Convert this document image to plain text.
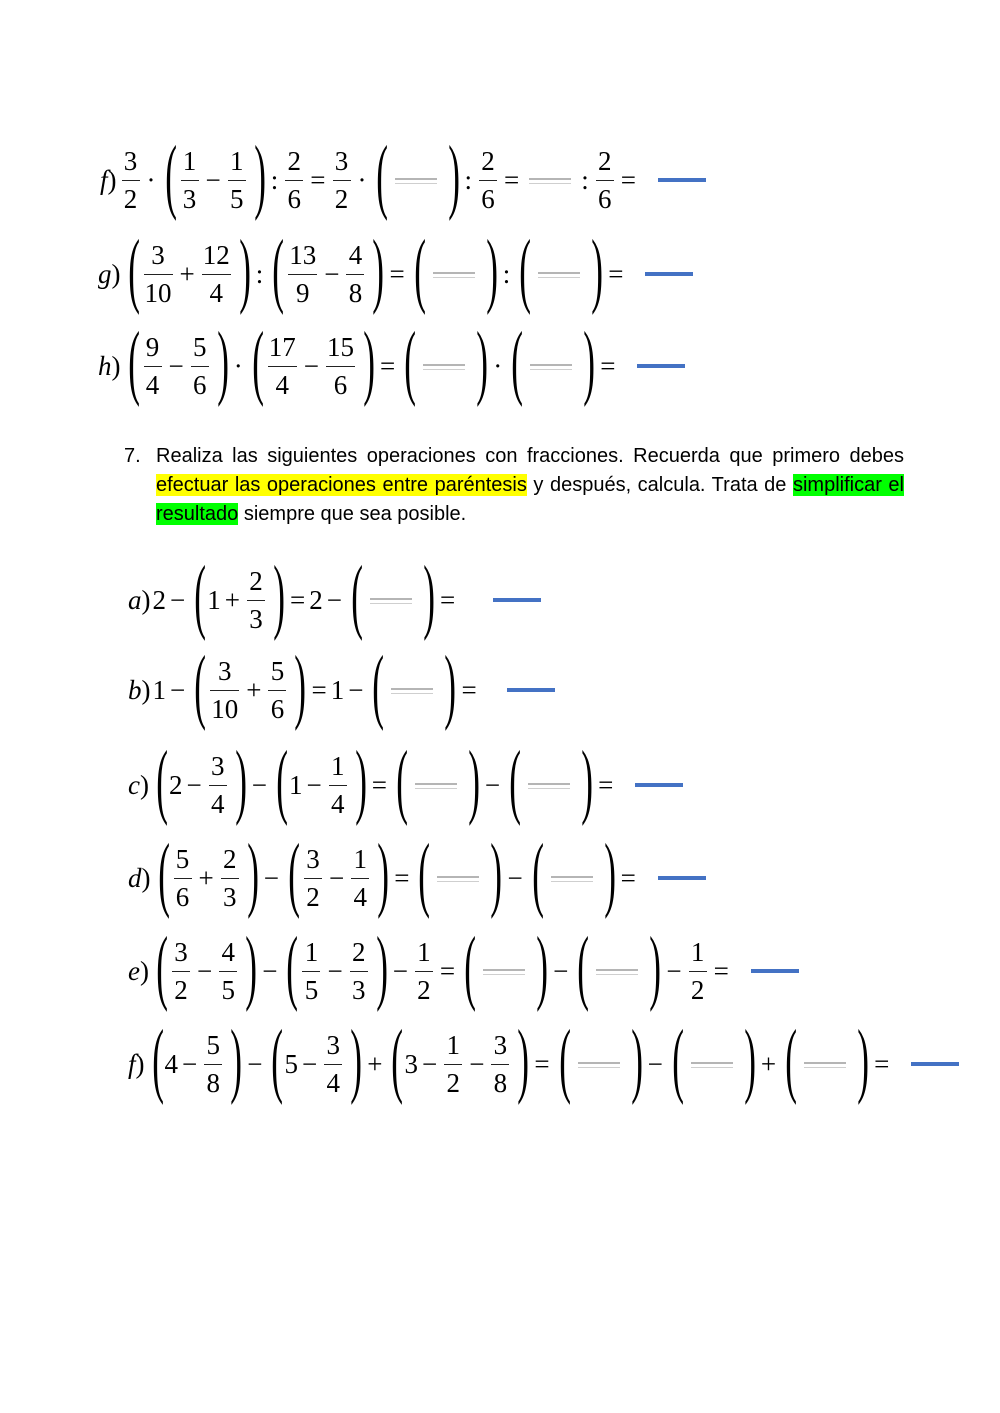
$f) \frac{3}{2}$ · ( $\frac{1}{3} - \frac{1}{5}$ ) : $\frac{2}{6} = \frac{3}{2}$ · ( ) : $\frac{2}{6}$ = : $\frac{2}{6}$ =
g) ( $\frac{3}{10} + \frac{12}{4}$ ) : ( $\frac{13}{9} - \frac{4}{8}$ ) = ( ) : ( ) =
h) ( $\frac{9}{4} - \frac{5}{6}$ ) · ( $\frac{17}{4} - \frac{15}{6}$ ) = ( ) · ( ) =
7. Realiza las siguientes operaciones con fracciones. Recuerda que primero debes efectuar las operaciones entre paréntesis y después, calcula. Trata de simplificar el resultado siempre que sea posible.
a) 2 − ( $1 + \frac{2}{3}$ ) = 2 − ( ) =
b) 1 − ( $\frac{3}{10} + \frac{5}{6}$ ) = 1 − ( ) =
c) ( $2 - \frac{3}{4}$ ) − ( $1 - \frac{1}{4}$ ) = ( ) − ( ) =
d) ( $\frac{5}{6} + \frac{2}{3}$ ) − ( $\frac{3}{2} - \frac{1}{4}$ ) = ( ) − ( ) =
e) ( $\frac{3}{2} - \frac{4}{5}$ ) − ( $\frac{1}{5} - \frac{2}{3}$ ) − $\frac{1}{2}$ = ( ) − ( ) − $\frac{1}{2}$ =
f) ( $4 - \frac{5}{8}$ ) − ( $5 - \frac{3}{4}$ ) + ( $3 - \frac{1}{2} - \frac{3}{8}$ ) = ( ) − ( ) + ( ) =
